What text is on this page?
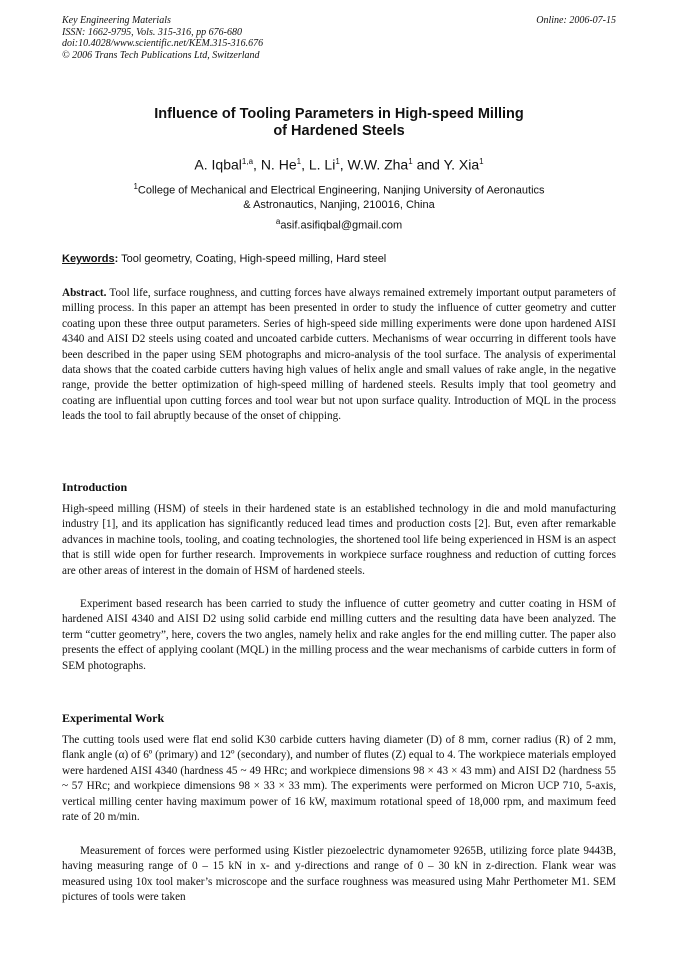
Key Engineering Materials
ISSN: 1662-9795, Vols. 315-316, pp 676-680
doi:10.4028/www.scientific.net/KEM.315-316.676
© 2006 Trans Tech Publications Ltd, Switzerland
Online: 2006-07-15
Influence of Tooling Parameters in High-speed Milling
of Hardened Steels
A. Iqbal$^{1,a}$, N. He$^1$, L. Li$^1$, W.W. Zha$^1$ and Y. Xia$^1$
$^1$College of Mechanical and Electrical Engineering, Nanjing University of Aeronautics
& Astronautics, Nanjing, 210016, China
$^a$asif.asifiqbal@gmail.com
Keywords: Tool geometry, Coating, High-speed milling, Hard steel
Abstract. Tool life, surface roughness, and cutting forces have always remained extremely important output parameters of milling process. In this paper an attempt has been presented in order to study the influence of cutter geometry and cutter coating upon these three output parameters. Series of high-speed side milling experiments were done upon hardened AISI 4340 and AISI D2 steels using coated and uncoated carbide cutters. Mechanisms of wear occurring in different tools have been described in the paper using SEM photographs and micro-analysis of the tool surface. The analysis of experimental data shows that the coated carbide cutters having high values of helix angle and small values of rake angle, in the negative range, provide the better optimization of high-speed milling of hardened steels. Results imply that tool geometry and coating are influential upon cutting forces and tool wear but not upon surface quality. Introduction of MQL in the process leads the tool to fail abruptly because of the onset of chipping.
Introduction
High-speed milling (HSM) of steels in their hardened state is an established technology in die and mold manufacturing industry [1], and its application has significantly reduced lead times and production costs [2]. But, even after remarkable advances in machine tools, tooling, and coating technologies, the shortened tool life being experienced in HSM is an aspect that is still wide open for further research. Improvements in workpiece surface roughness and reduction of cutting forces are other areas of interest in the domain of HSM of hardened steels.
Experiment based research has been carried to study the influence of cutter geometry and cutter coating in HSM of hardened AISI 4340 and AISI D2 using solid carbide end milling cutters and the resulting data have been analyzed. The term “cutter geometry”, here, covers the two angles, namely helix and rake angles for the end milling cutter. The paper also presents the effect of applying coolant (MQL) in the milling process and the wear mechanisms of carbide cutters in form of SEM photographs.
Experimental Work
The cutting tools used were flat end solid K30 carbide cutters having diameter (D) of 8 mm, corner radius (R) of 2 mm, flank angle (α) of 6º (primary) and 12º (secondary), and number of flutes (Z) equal to 4. The workpiece materials employed were hardened AISI 4340 (hardness 45 ~ 49 HRc; and workpiece dimensions 98 × 43 × 43 mm) and AISI D2 (hardness 55 ~ 57 HRc; and workpiece dimensions 98 × 33 × 33 mm). The experiments were performed on Micron UCP 710, 5-axis, vertical milling center having maximum power of 16 kW, maximum rotational speed of 18,000 rpm, and maximum feed rate of 20 m/min.
Measurement of forces were performed using Kistler piezoelectric dynamometer 9265B, utilizing force plate 9443B, having measuring range of 0 – 15 kN in x- and y-directions and range of 0 – 30 kN in z-direction. Flank wear was measured using 10x tool maker’s microscope and the surface roughness was measured using Mahr Perthometer M1. SEM pictures of tools were taken
